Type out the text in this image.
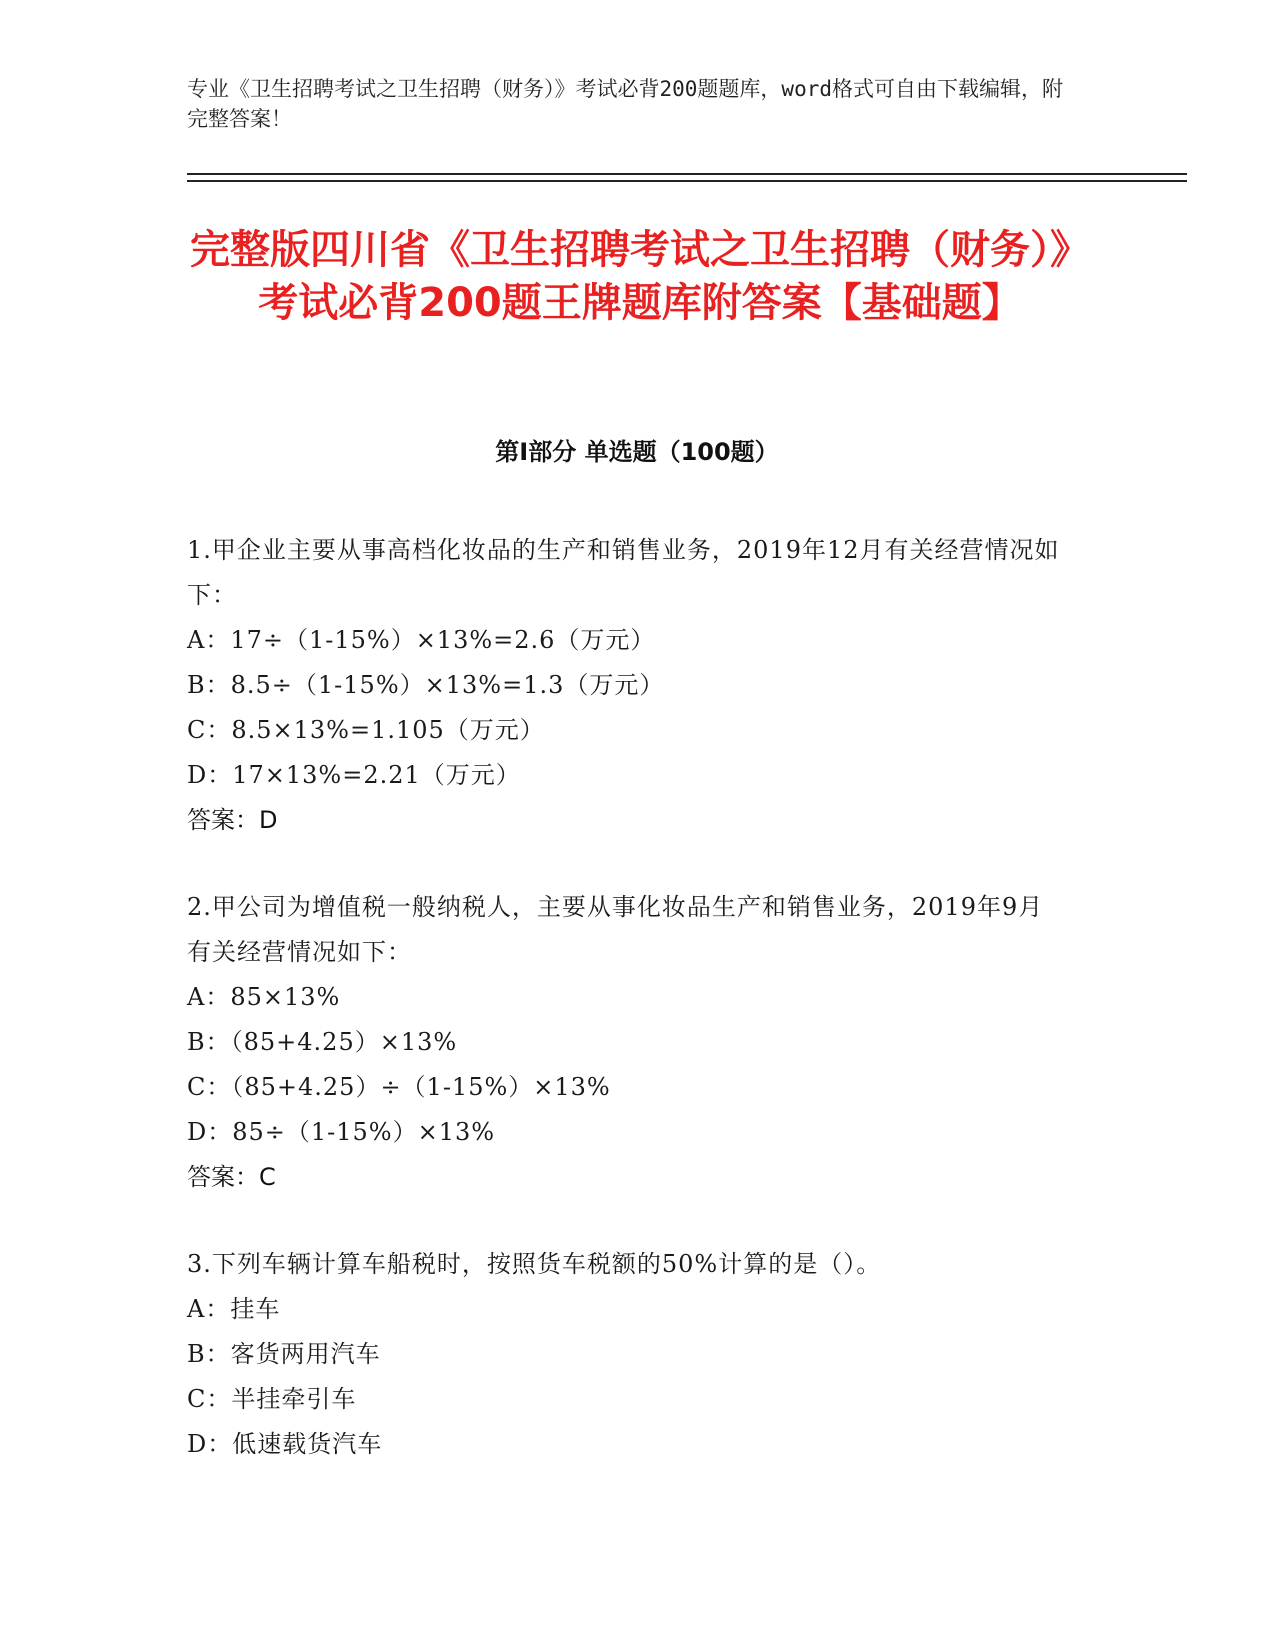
专业《卫生招聘考试之卫生招聘（财务）》考试必背200题题库，word格式可自由下载编辑，附完整答案！

完整版四川省《卫生招聘考试之卫生招聘（财务）》考试必背200题王牌题库附答案【基础题】
第Ⅰ部分 单选题（100题）
1.甲企业主要从事高档化妆品的生产和销售业务，2019年12月有关经营情况如下：
A：17÷（1-15%）×13%=2.6（万元）
B：8.5÷（1-15%）×13%=1.3（万元）
C：8.5×13%=1.105（万元）
D：17×13%=2.21（万元）
答案：D
2.甲公司为增值税一般纳税人，主要从事化妆品生产和销售业务，2019年9月有关经营情况如下：
A：85×13%
B：（85+4.25）×13%
C：（85+4.25）÷（1-15%）×13%
D：85÷（1-15%）×13%
答案：C
3.下列车辆计算车船税时，按照货车税额的50%计算的是（）。
A：挂车
B：客货两用汽车
C：半挂牵引车
D：低速载货汽车
